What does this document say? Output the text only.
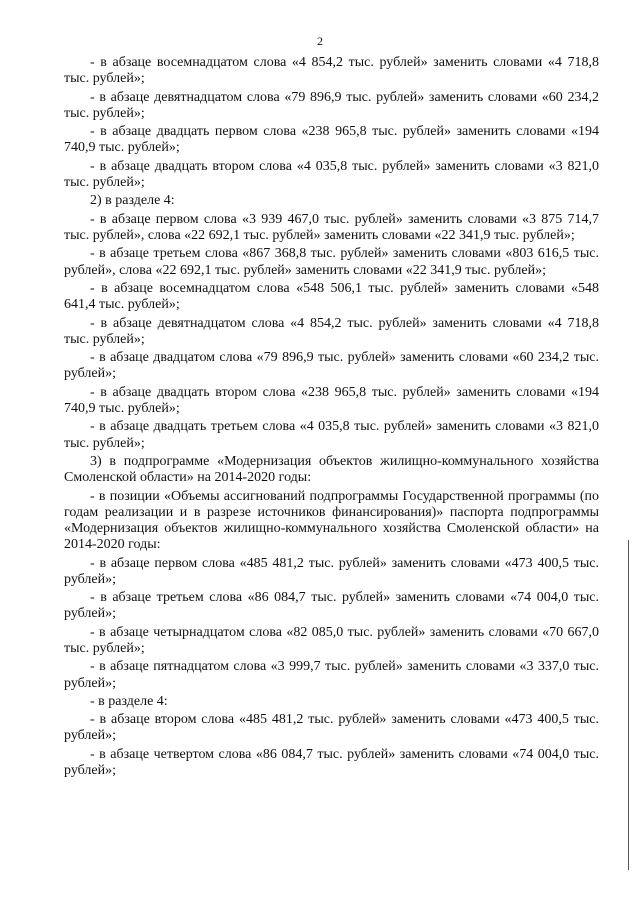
2

- в абзаце восемнадцатом слова «4 854,2 тыс. рублей» заменить словами «4 718,8 тыс. рублей»;

- в абзаце девятнадцатом слова «79 896,9 тыс. рублей» заменить словами «60 234,2 тыс. рублей»;

- в абзаце двадцать первом слова «238 965,8 тыс. рублей» заменить словами «194 740,9 тыс. рублей»;

- в абзаце двадцать втором слова «4 035,8 тыс. рублей» заменить словами «3 821,0 тыс. рублей»;

2) в разделе 4:

- в абзаце первом слова «3 939 467,0 тыс. рублей» заменить словами «3 875 714,7 тыс. рублей», слова «22 692,1 тыс. рублей» заменить словами «22 341,9 тыс. рублей»;

- в абзаце третьем слова «867 368,8 тыс. рублей» заменить словами «803 616,5 тыс. рублей», слова «22 692,1 тыс. рублей» заменить словами «22 341,9 тыс. рублей»;

- в абзаце восемнадцатом слова «548 506,1 тыс. рублей» заменить словами «548 641,4 тыс. рублей»;

- в абзаце девятнадцатом слова «4 854,2 тыс. рублей» заменить словами «4 718,8 тыс. рублей»;

- в абзаце двадцатом слова «79 896,9 тыс. рублей» заменить словами «60 234,2 тыс. рублей»;

- в абзаце двадцать втором слова «238 965,8 тыс. рублей» заменить словами «194 740,9 тыс. рублей»;

- в абзаце двадцать третьем слова «4 035,8 тыс. рублей» заменить словами «3 821,0 тыс. рублей»;

3) в подпрограмме «Модернизация объектов жилищно-коммунального хозяйства Смоленской области» на 2014-2020 годы:

- в позиции «Объемы ассигнований подпрограммы Государственной программы (по годам реализации и в разрезе источников финансирования)» паспорта подпрограммы «Модернизация объектов жилищно-коммунального хозяйства Смоленской области» на 2014-2020 годы:

- в абзаце первом слова «485 481,2 тыс. рублей» заменить словами «473 400,5 тыс. рублей»;

- в абзаце третьем слова «86 084,7 тыс. рублей» заменить словами «74 004,0 тыс. рублей»;

- в абзаце четырнадцатом слова «82 085,0 тыс. рублей» заменить словами «70 667,0 тыс. рублей»;

- в абзаце пятнадцатом слова «3 999,7 тыс. рублей» заменить словами «3 337,0 тыс. рублей»;

- в разделе 4:

- в абзаце втором слова «485 481,2 тыс. рублей» заменить словами «473 400,5 тыс. рублей»;

- в абзаце четвертом слова «86 084,7 тыс. рублей» заменить словами «74 004,0 тыс. рублей»;
